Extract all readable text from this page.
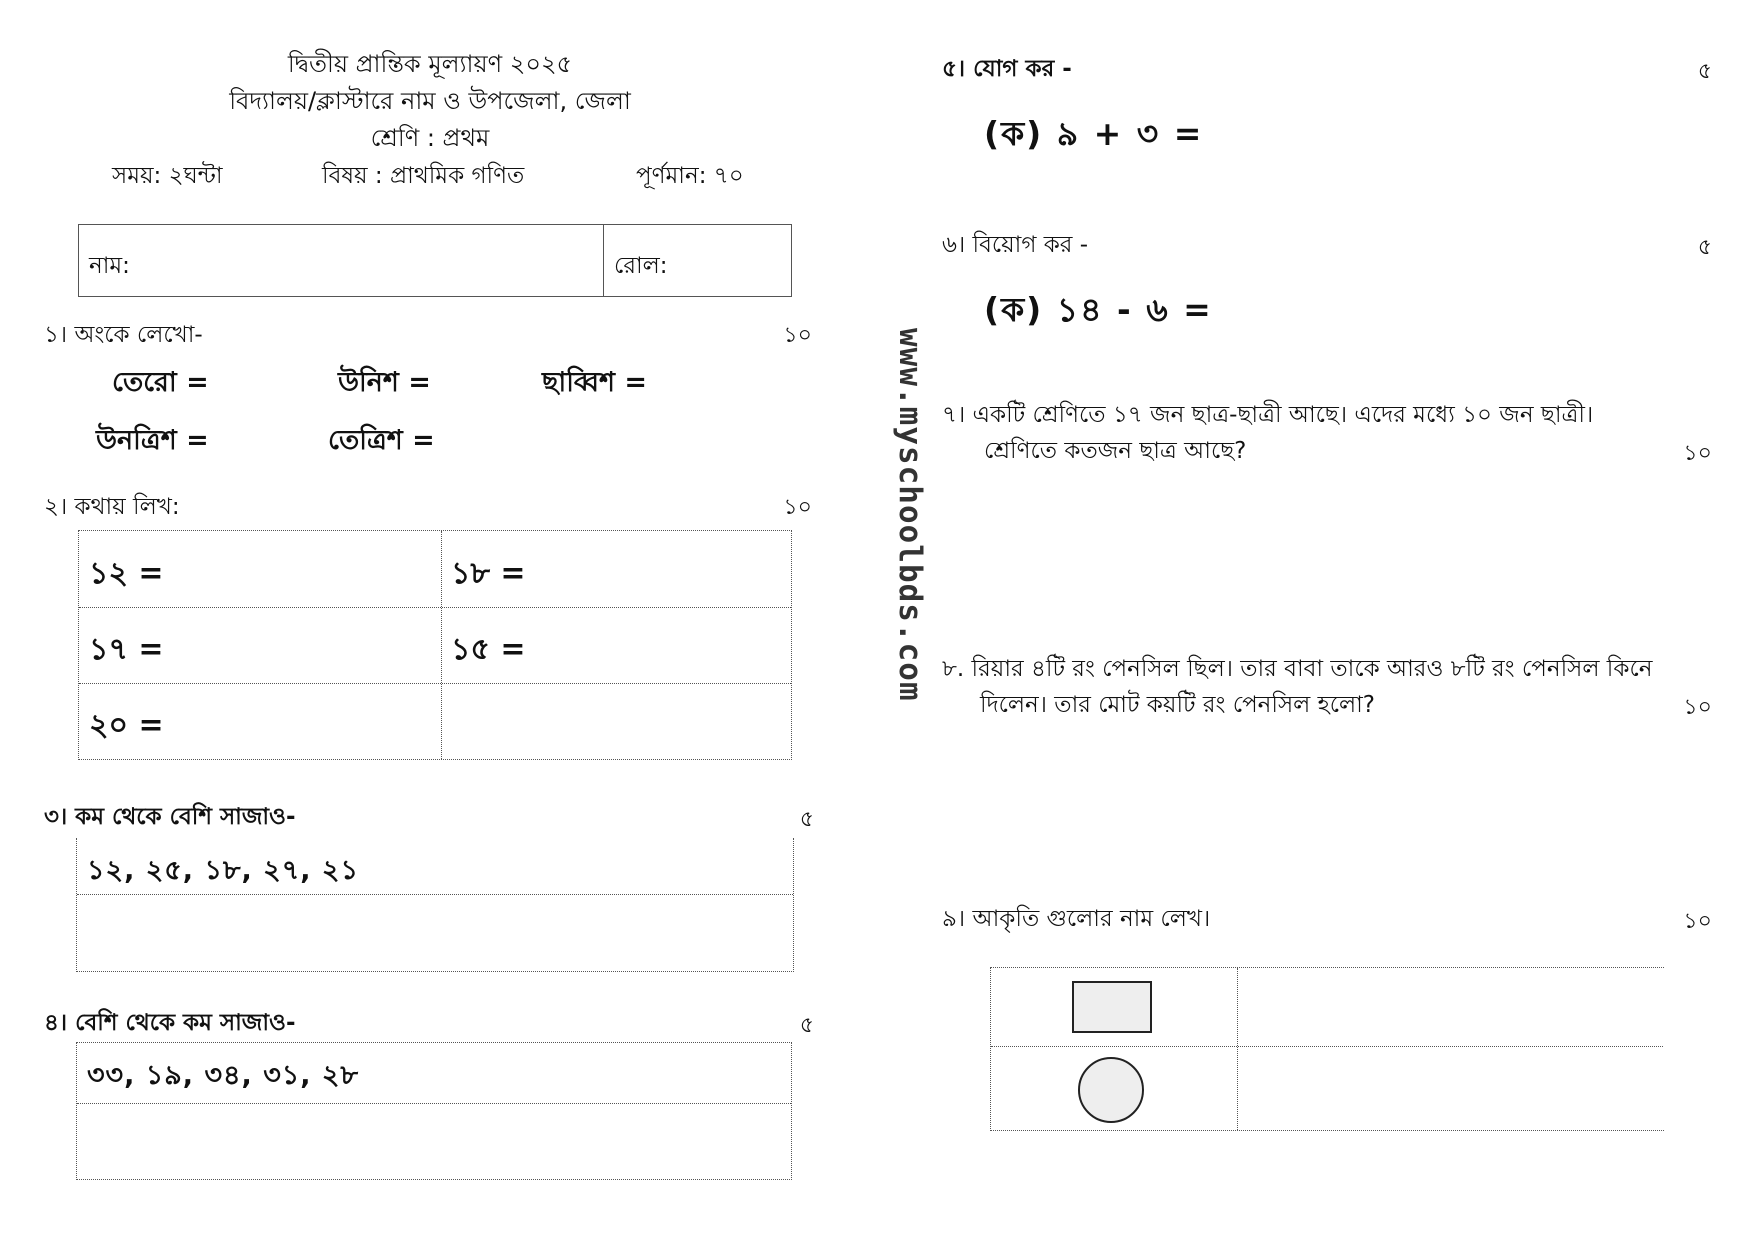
দ্বিতীয় প্রান্তিক মূল্যায়ণ ২০২৫
বিদ্যালয়/ক্লাস্টারে নাম ও উপজেলা, জেলা
শ্রেণি : প্রথম
সময়: ২ঘন্টা	বিষয় : প্রাথমিক গণিত	পূর্ণমান: ৭০
নাম:	রোল:
১। অংকে লেখো-	১০
তেরো =	উনিশ =	ছাব্বিশ =
উনত্রিশ =	তেত্রিশ =
২। কথায় লিখ:	১০
১২ =	১৮ =
১৭ =	১৫ =
২০ =
৩। কম থেকে বেশি সাজাও-	৫
১২, ২৫, ১৮, ২৭, ২১
৪। বেশি থেকে কম সাজাও-	৫
৩৩, ১৯, ৩৪, ৩১, ২৮
www.myschoolbds.com
৫। যোগ কর -	৫
(ক) ৯ + ৩ =
৬। বিয়োগ কর -	৫
(ক) ১৪ - ৬ =
৭। একটি শ্রেণিতে ১৭ জন ছাত্র-ছাত্রী আছে। এদের মধ্যে ১০ জন ছাত্রী।
শ্রেণিতে কতজন ছাত্র আছে?	১০
৮. রিয়ার ৪টি রং পেনসিল ছিল। তার বাবা তাকে আরও ৮টি রং পেনসিল কিনে
দিলেন। তার মোট কয়টি রং পেনসিল হলো?	১০
৯। আকৃতি গুলোর নাম লেখ।	১০
